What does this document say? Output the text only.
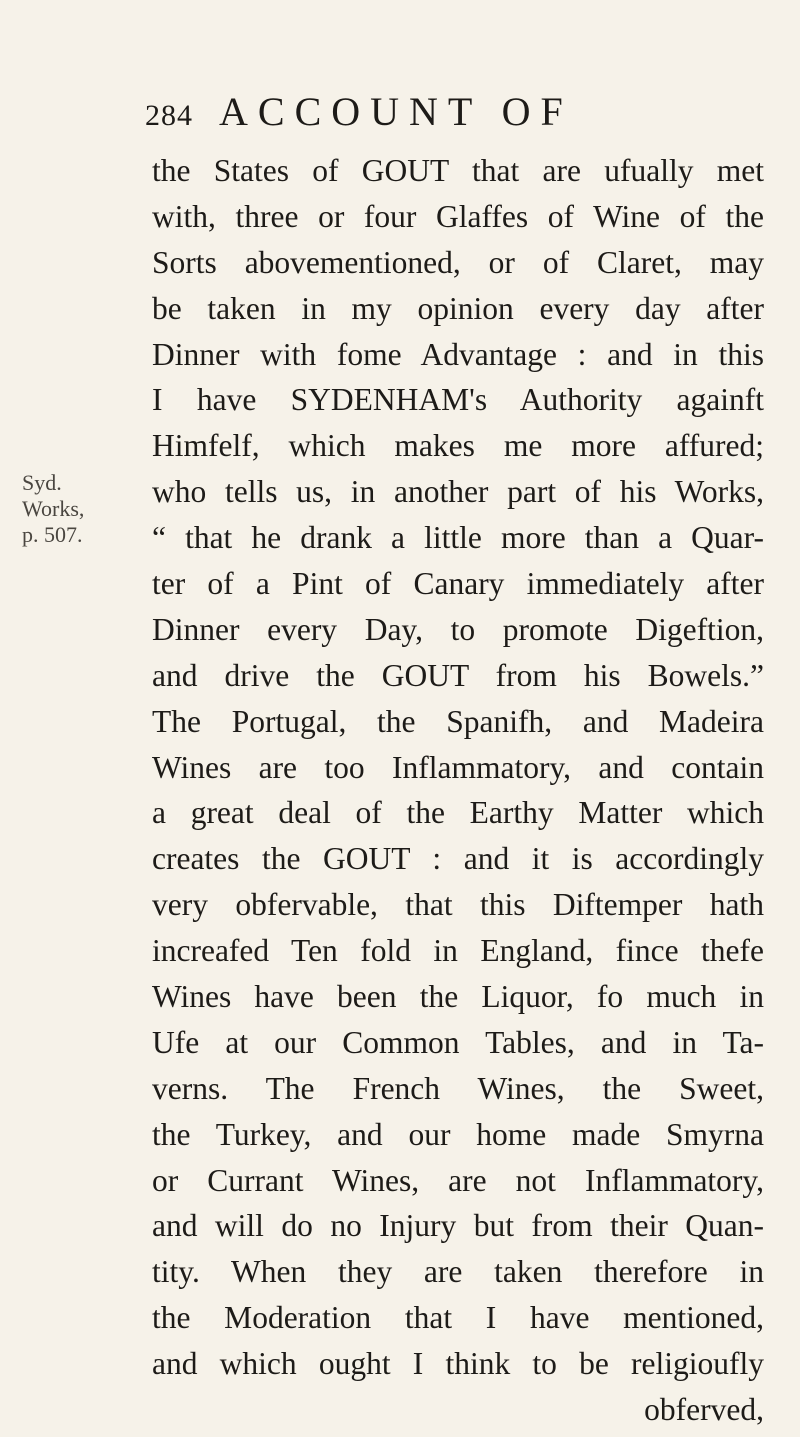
284 ACCOUNT OF
Syd.
Works,
p. 507.
the States of GOUT that are ufually met
with, three or four Glaffes of Wine of the
Sorts abovementioned, or of Claret, may
be taken in my opinion every day after
Dinner with fome Advantage : and in this
I have SYDENHAM's Authority againft
Himfelf, which makes me more affured;
who tells us, in another part of his Works,
“ that he drank a little more than a Quar-
ter of a Pint of Canary immediately after
Dinner every Day, to promote Digeftion,
and drive the GOUT from his Bowels.”
The Portugal, the Spanifh, and Madeira
Wines are too Inflammatory, and contain
a great deal of the Earthy Matter which
creates the GOUT : and it is accordingly
very obfervable, that this Diftemper hath
increafed Ten fold in England, fince thefe
Wines have been the Liquor, fo much in
Ufe at our Common Tables, and in Ta-
verns. The French Wines, the Sweet,
the Turkey, and our home made Smyrna
or Currant Wines, are not Inflammatory,
and will do no Injury but from their Quan-
tity. When they are taken therefore in
the Moderation that I have mentioned,
and which ought I think to be religioufly
obferved,
